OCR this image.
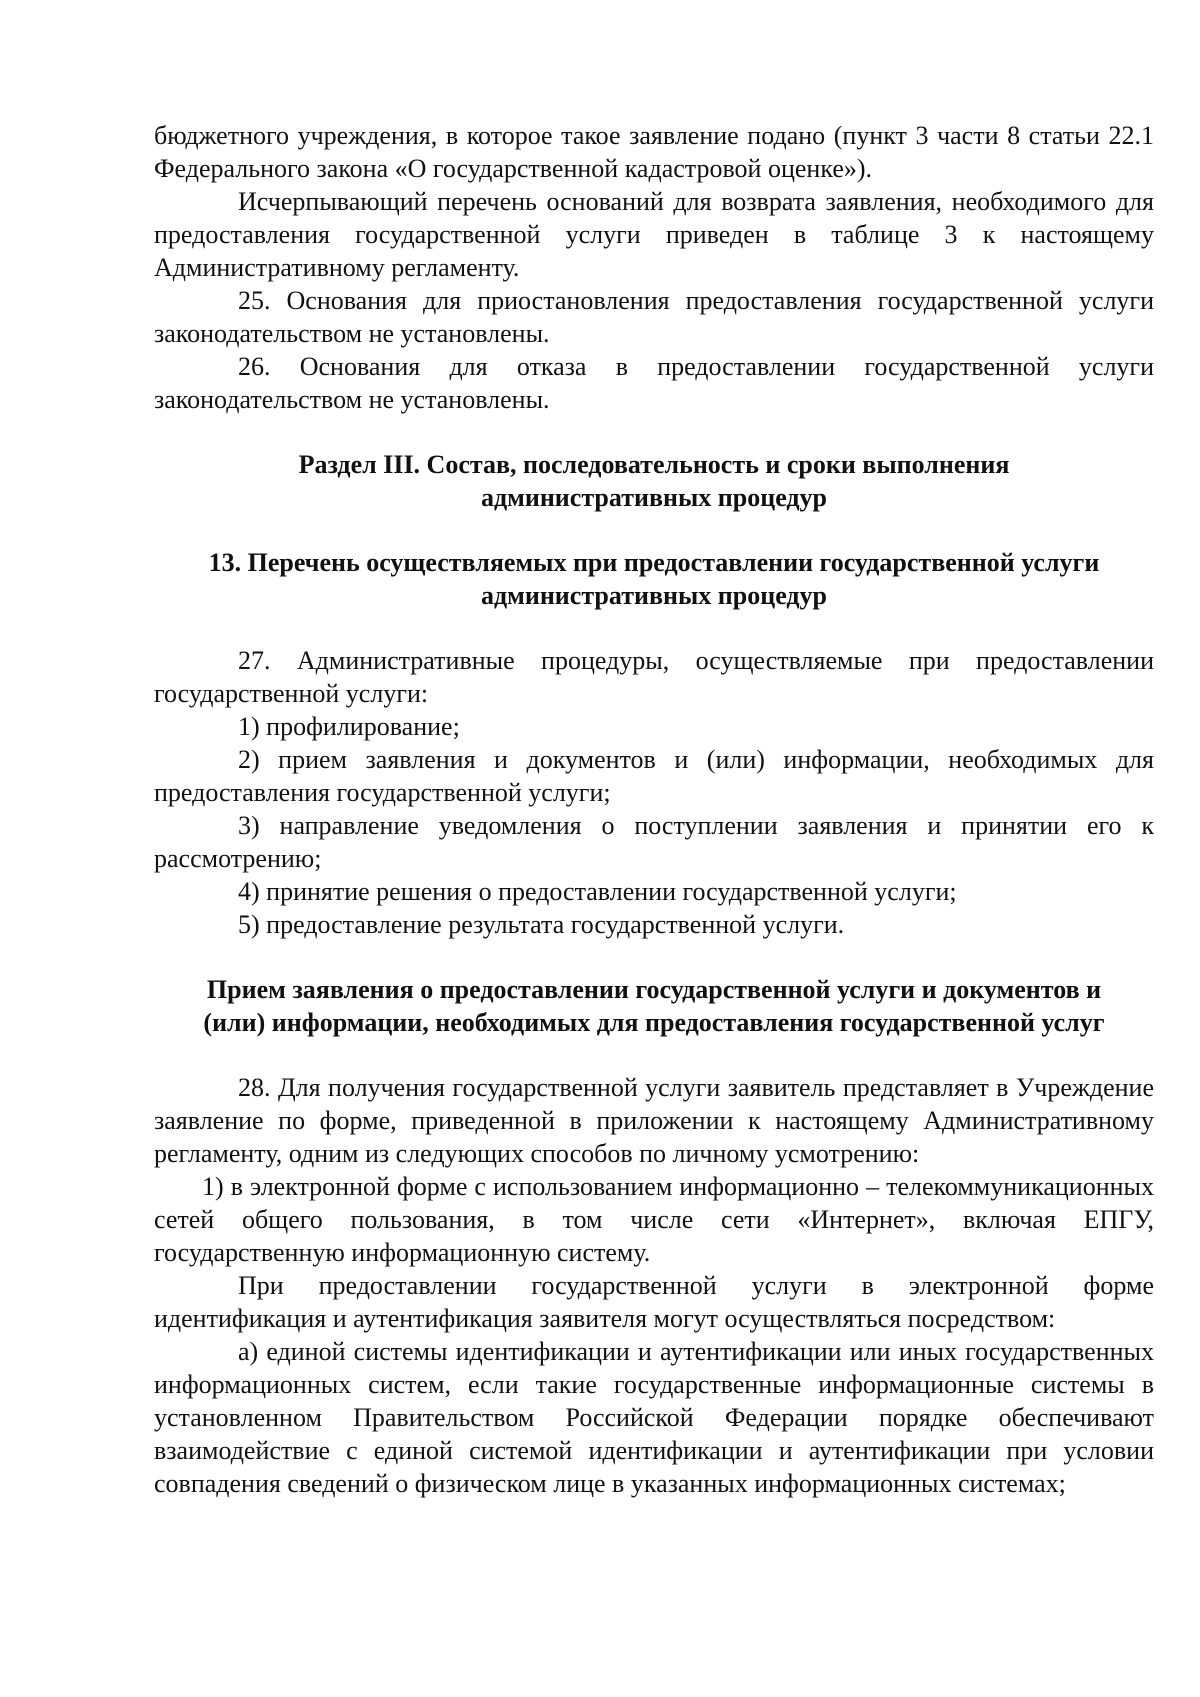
бюджетного учреждения, в которое такое заявление подано (пункт 3 части 8 статьи 22.1 Федерального закона «О государственной кадастровой оценке»).

Исчерпывающий перечень оснований для возврата заявления, необходимого для предоставления государственной услуги приведен в таблице 3 к настоящему Административному регламенту.

25. Основания для приостановления предоставления государственной услуги законодательством не установлены.

26. Основания для отказа в предоставлении государственной услуги законодательством не установлены.

Раздел III. Состав, последовательность и сроки выполнения
административных процедур
13. Перечень осуществляемых при предоставлении государственной услуги
административных процедур

27. Административные процедуры, осуществляемые при предоставлении государственной услуги:

1) профилирование;

2) прием заявления и документов и (или) информации, необходимых для предоставления государственной услуги;

3) направление уведомления о поступлении заявления и принятии его к рассмотрению;

4) принятие решения о предоставлении государственной услуги;

5) предоставление результата государственной услуги.

Прием заявления о предоставлении государственной услуги и документов и
(или) информации, необходимых для предоставления государственной услуг

28. Для получения государственной услуги заявитель представляет в Учреждение заявление по форме, приведенной в приложении к настоящему Административному регламенту, одним из следующих способов по личному усмотрению:

1) в электронной форме с использованием информационно – телекоммуникационных сетей общего пользования, в том числе сети «Интернет», включая ЕПГУ, государственную информационную систему.

При предоставлении государственной услуги в электронной форме идентификация и аутентификация заявителя могут осуществляться посредством:

а) единой системы идентификации и аутентификации или иных государственных информационных систем, если такие государственные информационные системы в установленном Правительством Российской Федерации порядке обеспечивают взаимодействие с единой системой идентификации и аутентификации при условии совпадения сведений о физическом лице в указанных информационных системах;
